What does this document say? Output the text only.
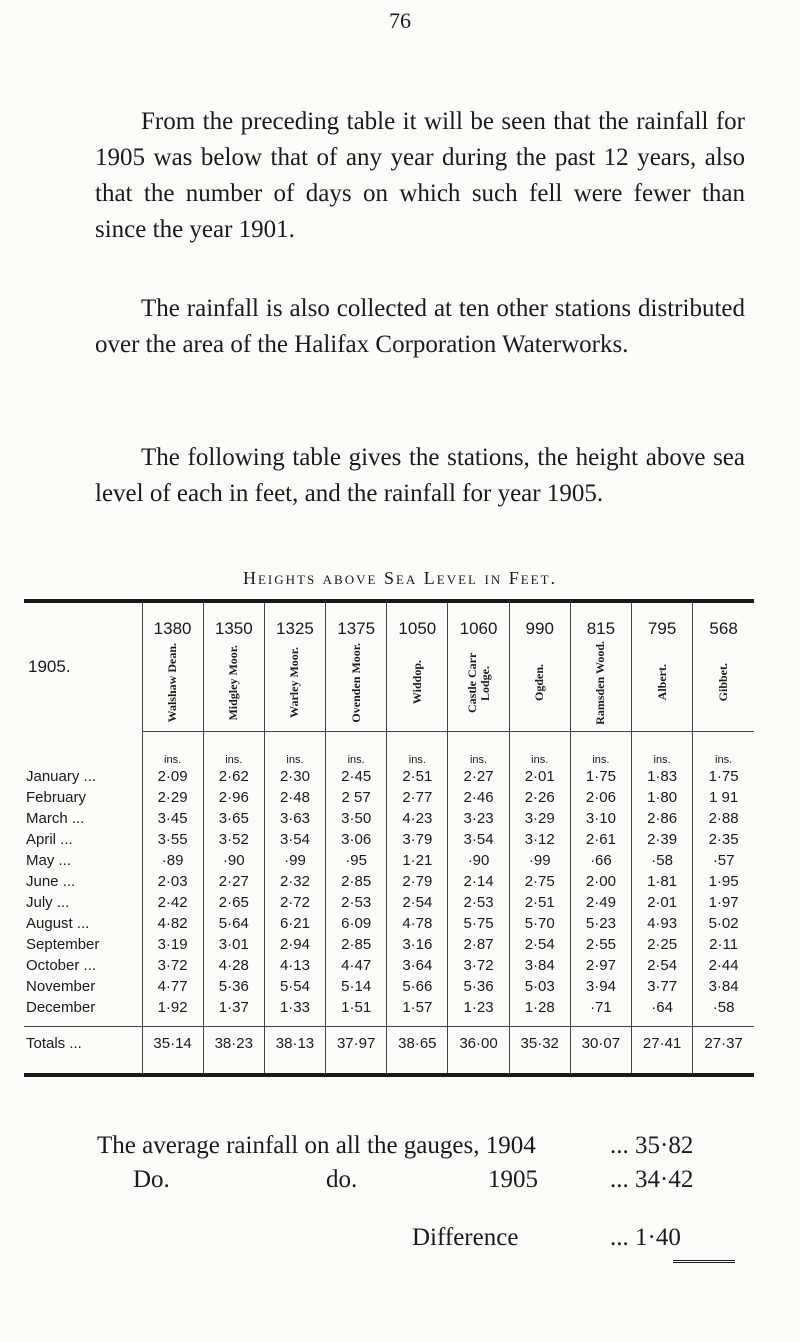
76

From the preceding table it will be seen that the rainfall for 1905 was below that of any year during the past 12 years, also that the number of days on which such fell were fewer than since the year 1901.

The rainfall is also collected at ten other stations distributed over the area of the Halifax Corporation Waterworks.

The following table gives the stations, the height above sea level of each in feet, and the rainfall for year 1905.

Heights above Sea Level in Feet.
1905.	1380	1350	1325	1375	1050	1060	990	815	795	568
	Walshaw Dean.	Midgley Moor.	Warley Moor.	Ovenden Moor.	Widdop.	Castle Carr Lodge.	Ogden.	Ramsden Wood.	Albert.	Gibbet.
	ins.	ins.	ins.	ins.	ins.	ins.	ins.	ins.	ins.	ins.
January ...	2·09	2·62	2·30	2·45	2·51	2·27	2·01	1·75	1·83	1·75
February	2·29	2·96	2·48	2 57	2·77	2·46	2·26	2·06	1·80	1 91
March ...	3·45	3·65	3·63	3·50	4·23	3·23	3·29	3·10	2·86	2·88
April ...	3·55	3·52	3·54	3·06	3·79	3·54	3·12	2·61	2·39	2·35
May ...	·89	·90	·99	·95	1·21	·90	·99	·66	·58	·57
June ...	2·03	2·27	2·32	2·85	2·79	2·14	2·75	2·00	1·81	1·95
July ...	2·42	2·65	2·72	2·53	2·54	2·53	2·51	2·49	2·01	1·97
August ...	4·82	5·64	6·21	6·09	4·78	5·75	5·70	5·23	4·93	5·02
September	3·19	3·01	2·94	2·85	3·16	2·87	2·54	2·55	2·25	2·11
October ...	3·72	4·28	4·13	4·47	3·64	3·72	3·84	2·97	2·54	2·44
November	4·77	5·36	5·54	5·14	5·66	5·36	5·03	3·94	3·77	3·84
December	1·92	1·37	1·33	1·51	1·57	1·23	1·28	·71	·64	·58

Totals ...	35·14	38·23	38·13	37·97	38·65	36·00	35·32	30·07	27·41	27·37

The average rainfall on all the gauges, 1904	... 35·82
Do.	do.	1905	... 34·42
Difference	... 1·40
